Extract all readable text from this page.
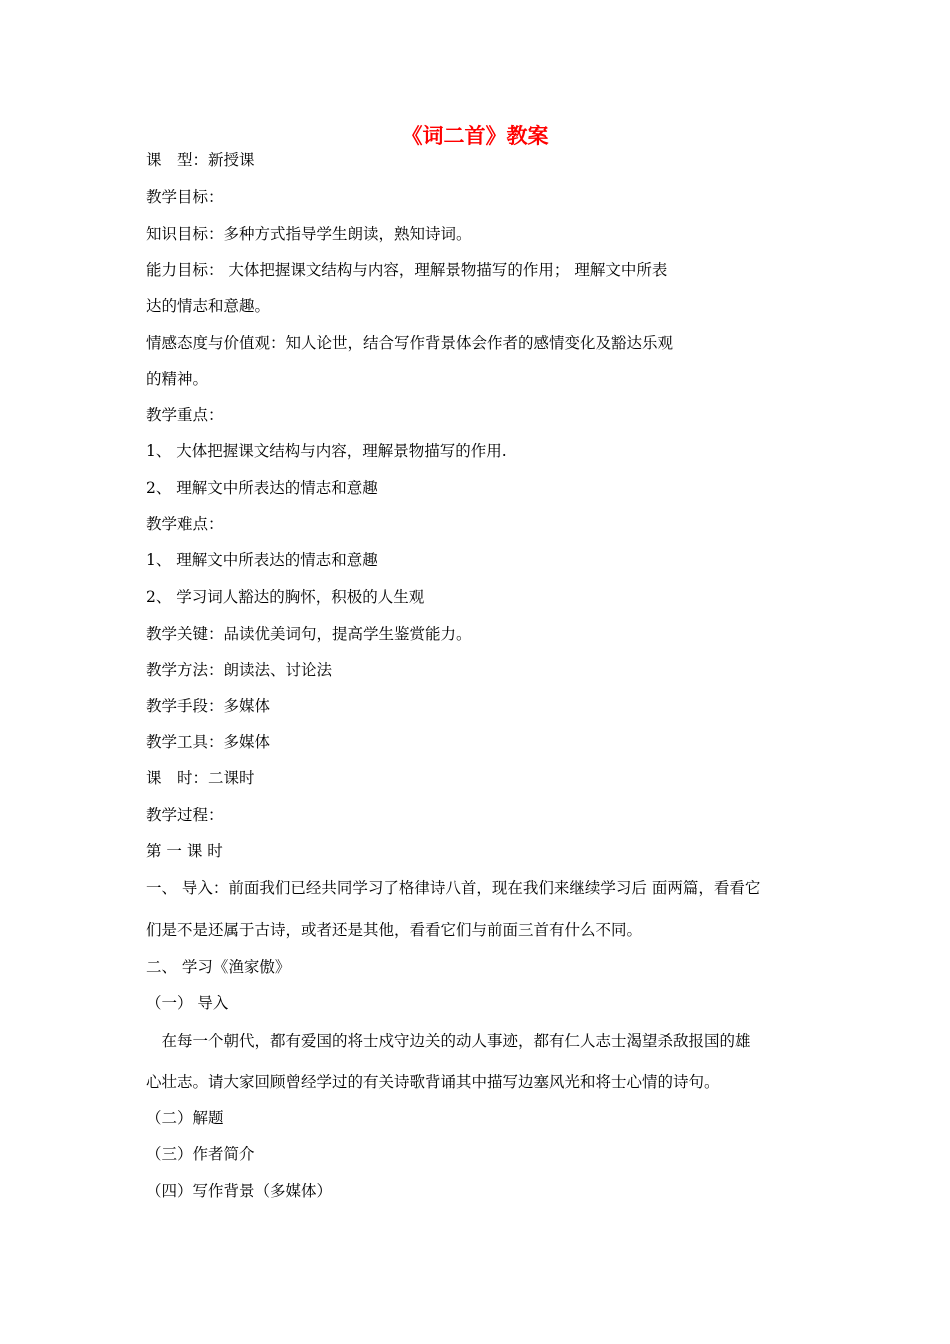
《词二首》教案
课　型：新授课
教学目标：
知识目标：多种方式指导学生朗读，熟知诗词。
能力目标： 大体把握课文结构与内容，理解景物描写的作用； 理解文中所表
达的情志和意趣。
情感态度与价值观：知人论世，结合写作背景体会作者的感情变化及豁达乐观
的精神。
教学重点：
1、 大体把握课文结构与内容，理解景物描写的作用.
2、 理解文中所表达的情志和意趣
教学难点：
1、 理解文中所表达的情志和意趣
2、 学习词人豁达的胸怀，积极的人生观
教学关键：品读优美词句，提高学生鉴赏能力。
教学方法：朗读法、讨论法
教学手段：多媒体
教学工具：多媒体
课　时：二课时
教学过程：
第 一 课 时
一、 导入：前面我们已经共同学习了格律诗八首，现在我们来继续学习后 面两篇，看看它
们是不是还属于古诗，或者还是其他，看看它们与前面三首有什么不同。
二、 学习《渔家傲》
（一） 导入
　在每一个朝代，都有爱国的将士戍守边关的动人事迹，都有仁人志士渴望杀敌报国的雄
心壮志。请大家回顾曾经学过的有关诗歌背诵其中描写边塞风光和将士心情的诗句。
（二）解题
（三）作者简介
（四）写作背景（多媒体）
